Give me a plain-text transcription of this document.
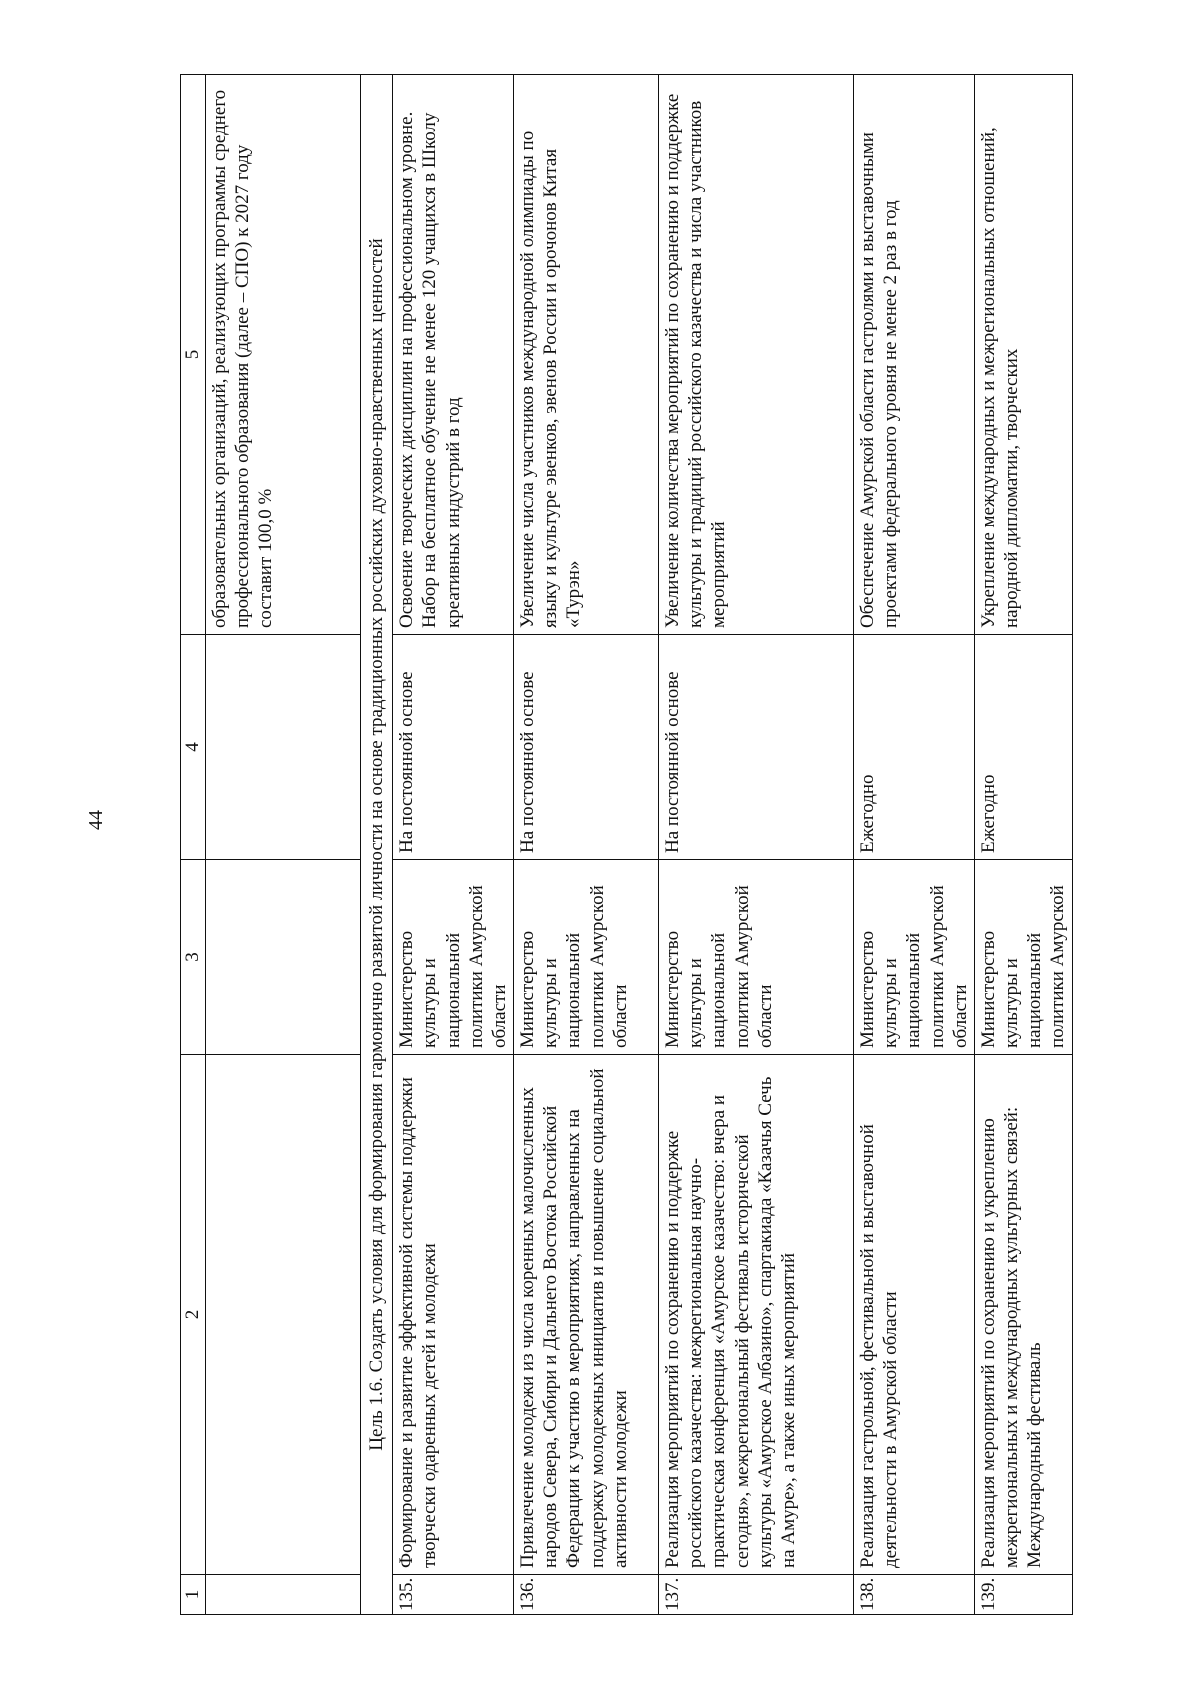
44
1	2	3	4	5
				образовательных организаций, реализующих программы среднего профессионального образования (далее – СПО) к 2027 году составит 100,0 %
Цель 1.6. Создать условия для формирования гармонично развитой личности на основе традиционных российских духовно-нравственных ценностей				
135.	Формирование и развитие эффективной системы поддержки творчески одаренных детей и молодежи	Министерство культуры и национальной политики Амурской области	На постоянной основе	Освоение творческих дисциплин на профессиональном уровне. Набор на бесплатное обучение не менее 120 учащихся в Школу креативных индустрий в год
136.	Привлечение молодежи из числа коренных малочисленных народов Севера, Сибири и Дальнего Востока Российской Федерации к участию в мероприятиях, направленных на поддержку молодежных инициатив и повышение социальной активности молодежи	Министерство культуры и национальной политики Амурской области	На постоянной основе	Увеличение числа участников международной олимпиады по языку и культуре эвенков, эвенов России и орочонов Китая «Турэн»
137.	Реализация мероприятий по сохранению и поддержке российского казачества: межрегиональная научно-практическая конференция «Амурское казачество: вчера и сегодня», межрегиональный фестиваль исторической культуры «Амурское Албазино», спартакиада «Казачья Сечь на Амуре», а также иных мероприятий	Министерство культуры и национальной политики Амурской области	На постоянной основе	Увеличение количества мероприятий по сохранению и поддержке культуры и традиций российского казачества и числа участников мероприятий
138.	Реализация гастрольной, фестивальной и выставочной деятельности в Амурской области	Министерство культуры и национальной политики Амурской области	Ежегодно	Обеспечение Амурской области гастролями и выставочными проектами федерального уровня не менее 2 раз в год
139.	Реализация мероприятий по сохранению и укреплению межрегиональных и международных культурных связей: Международный фестиваль	Министерство культуры и национальной политики Амурской	Ежегодно	Укрепление международных и межрегиональных отношений, народной дипломатии, творческих
